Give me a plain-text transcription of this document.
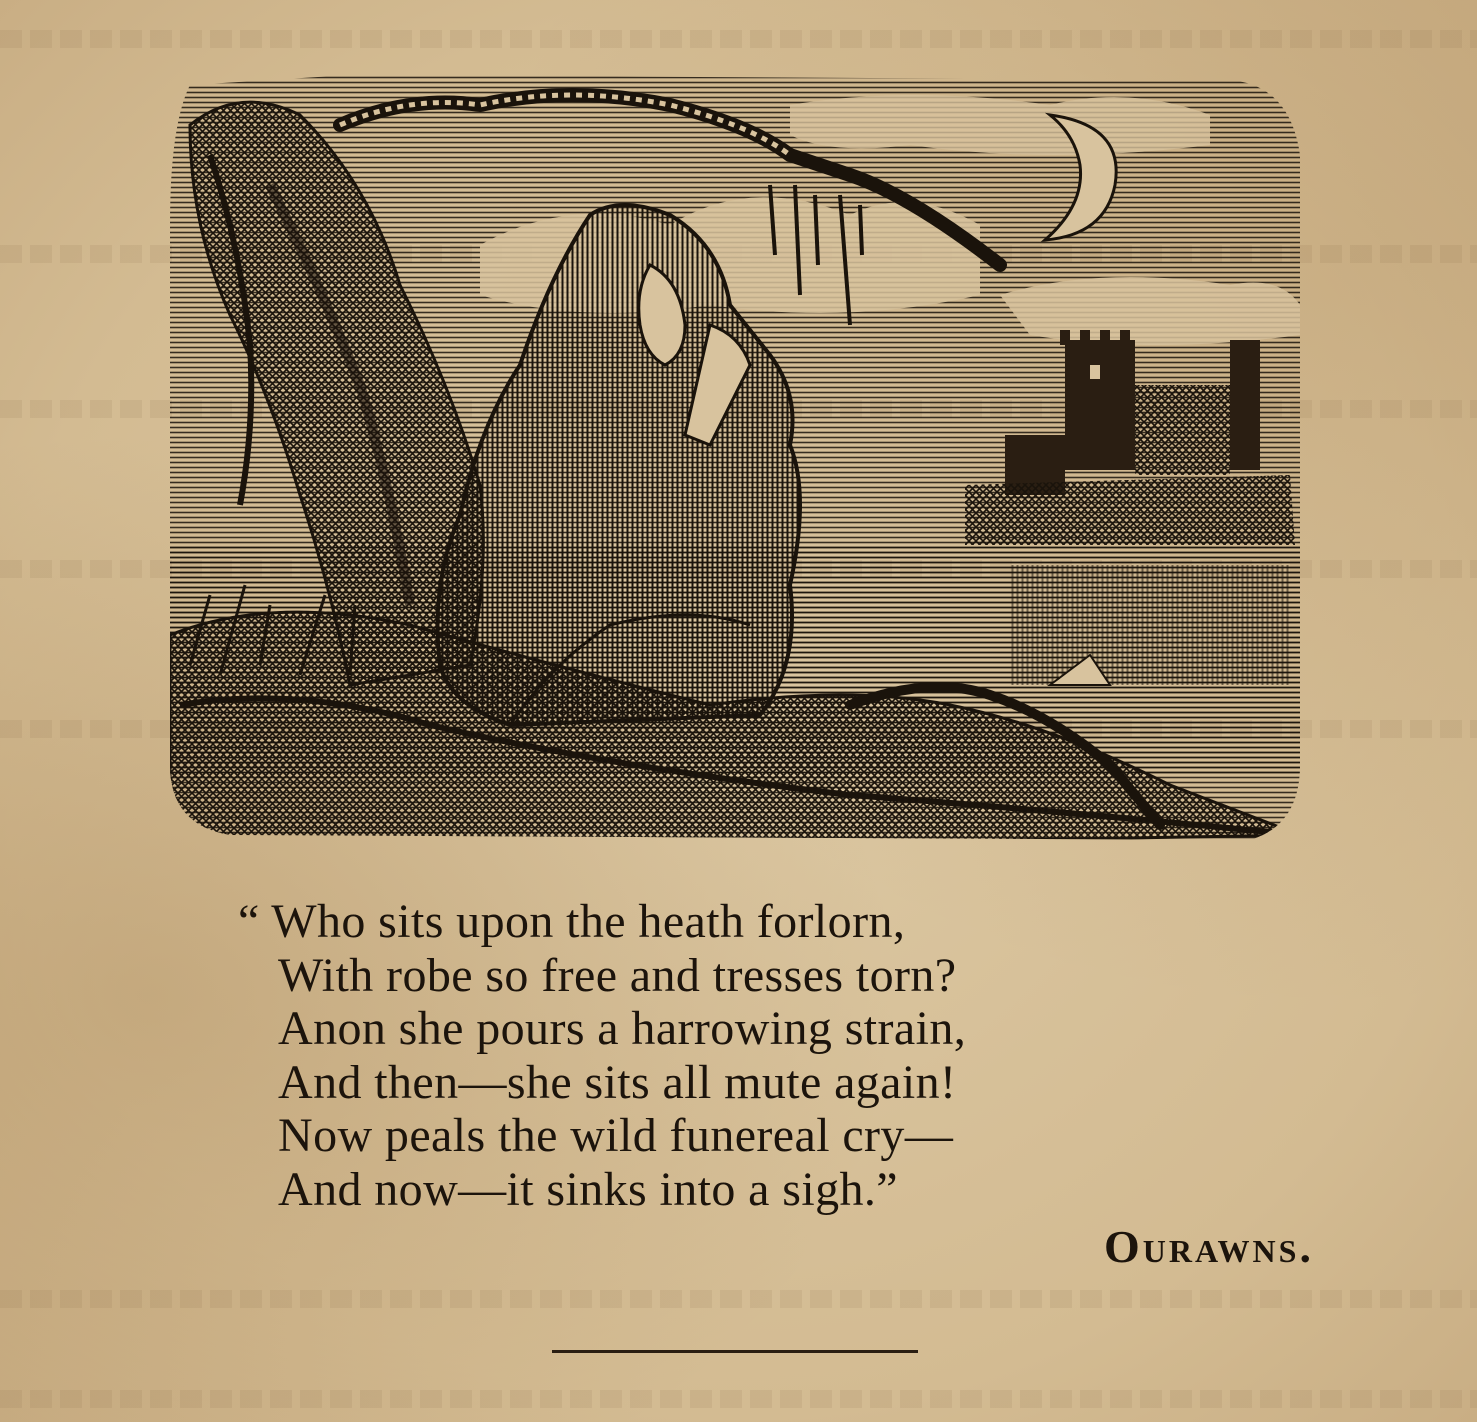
“ Who sits upon the heath forlorn,
With robe so free and tresses torn?
Anon she pours a harrowing strain,
And then—she sits all mute again!
Now peals the wild funereal cry—
And now—it sinks into a sigh.”
Ourawns.
